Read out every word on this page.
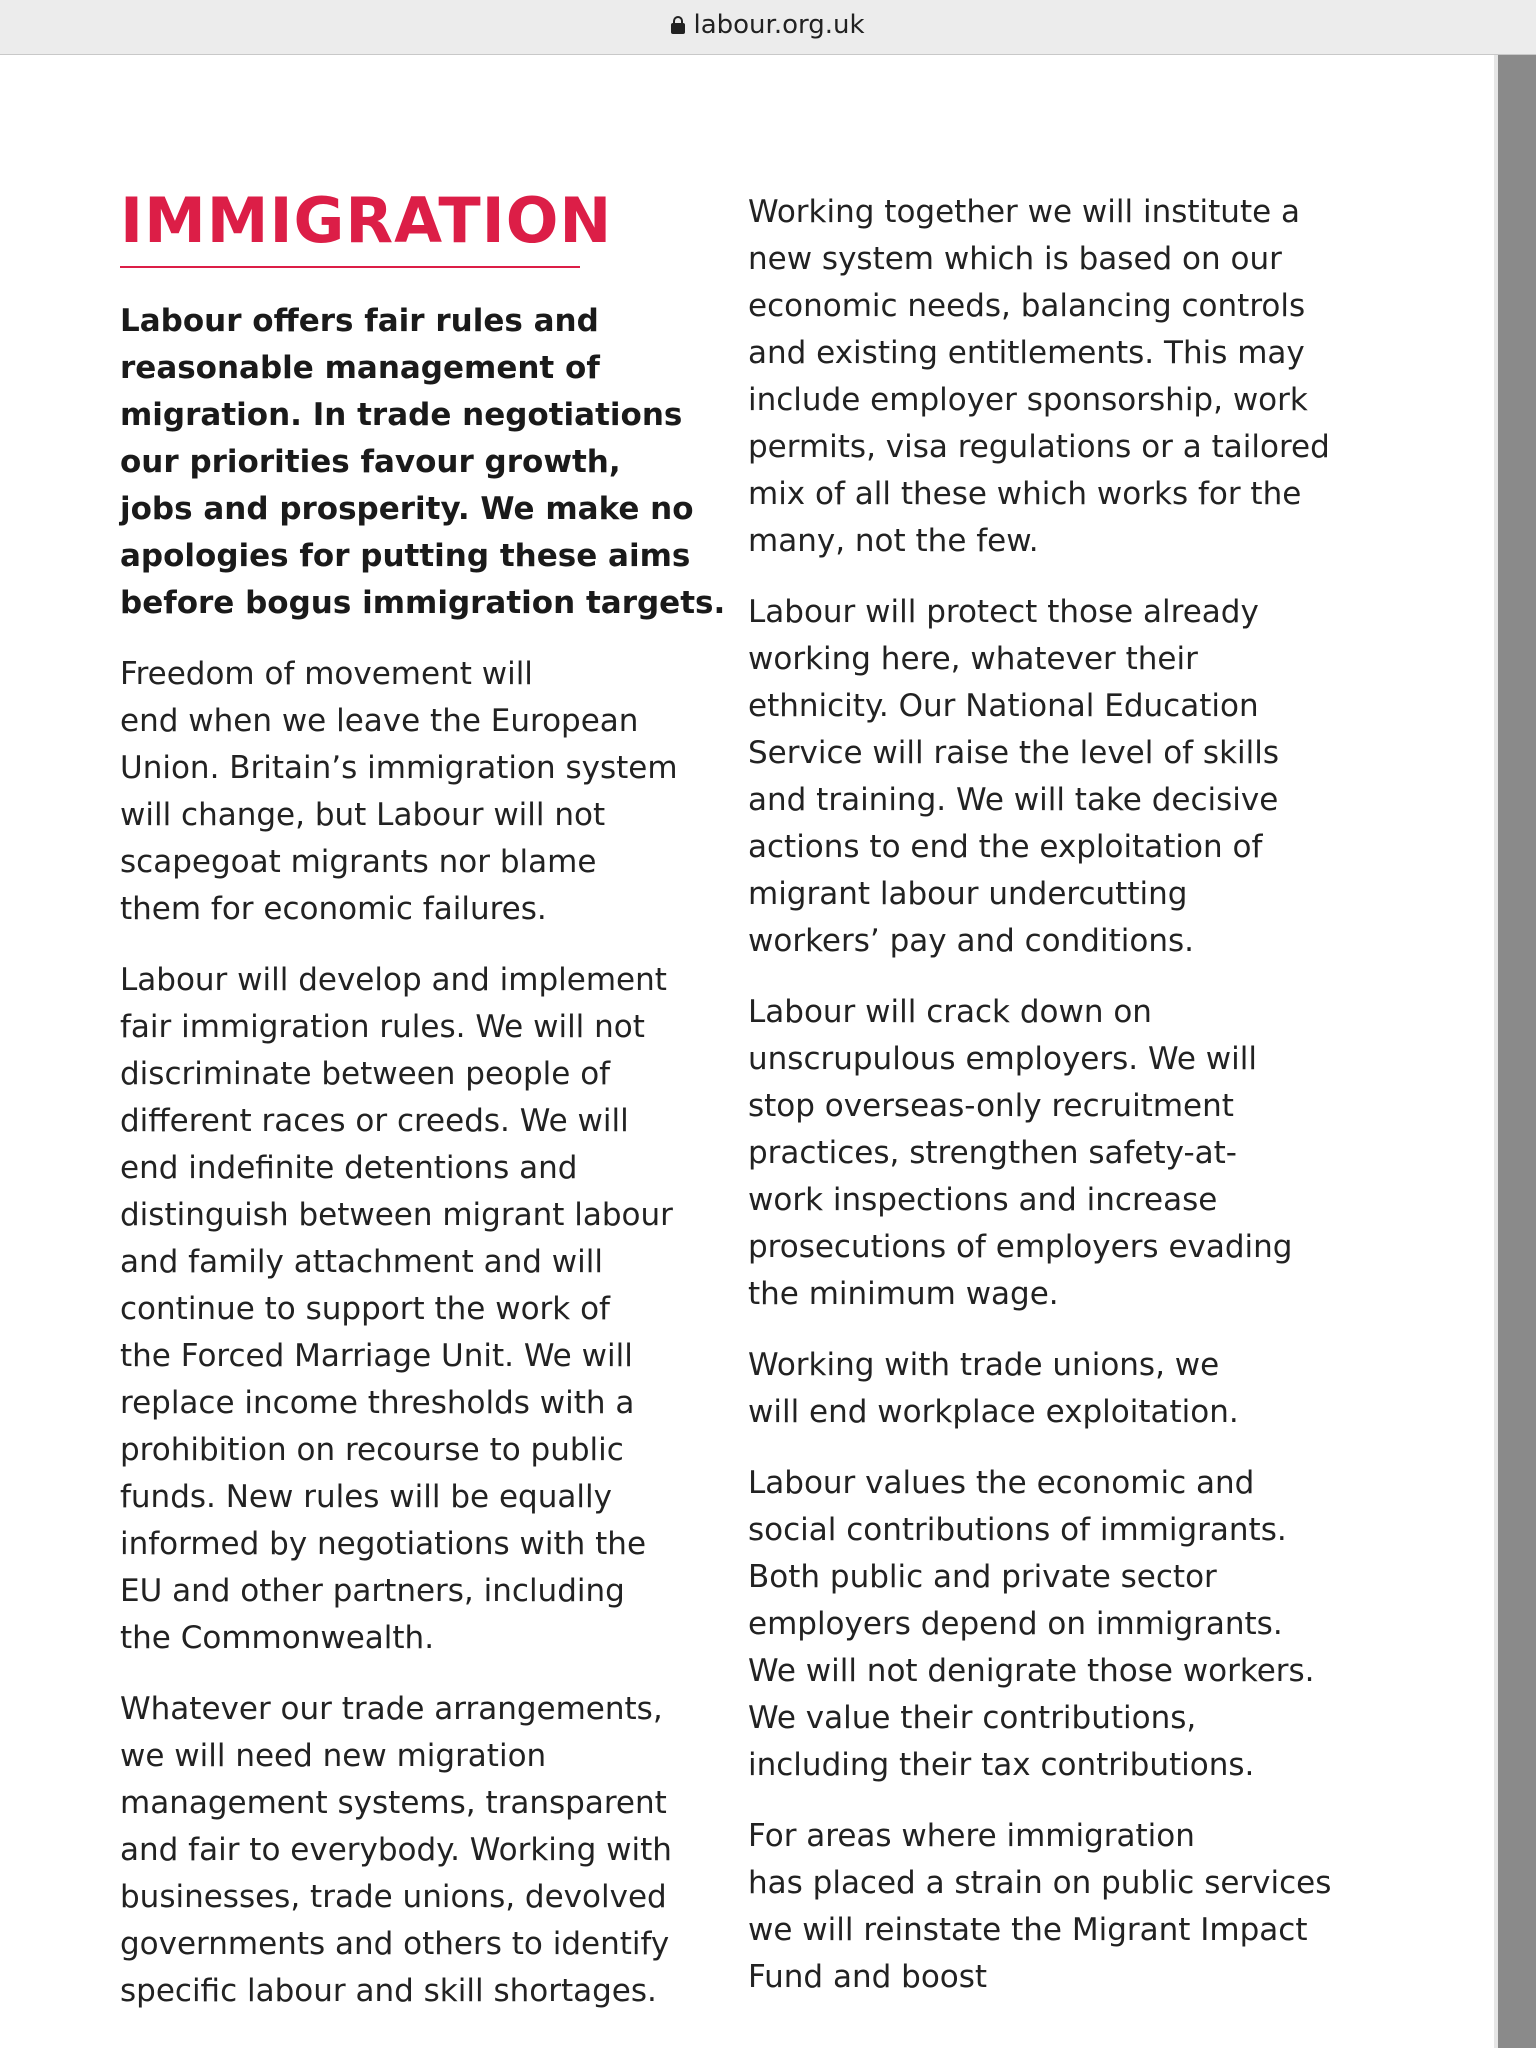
labour.org.uk
IMMIGRATION

Labour offers fair rules and
reasonable management of
migration. In trade negotiations
our priorities favour growth,
jobs and prosperity. We make no
apologies for putting these aims
before bogus immigration targets.

Freedom of movement will
end when we leave the European
Union. Britain’s immigration system
will change, but Labour will not
scapegoat migrants nor blame
them for economic failures.

Labour will develop and implement
fair immigration rules. We will not
discriminate between people of
different races or creeds. We will
end indefinite detentions and
distinguish between migrant labour
and family attachment and will
continue to support the work of
the Forced Marriage Unit. We will
replace income thresholds with a
prohibition on recourse to public
funds. New rules will be equally
informed by negotiations with the
EU and other partners, including
the Commonwealth.

Whatever our trade arrangements,
we will need new migration
management systems, transparent
and fair to everybody. Working with
businesses, trade unions, devolved
governments and others to identify
specific labour and skill shortages.

Working together we will institute a
new system which is based on our
economic needs, balancing controls
and existing entitlements. This may
include employer sponsorship, work
permits, visa regulations or a tailored
mix of all these which works for the
many, not the few.

Labour will protect those already
working here, whatever their
ethnicity. Our National Education
Service will raise the level of skills
and training. We will take decisive
actions to end the exploitation of
migrant labour undercutting
workers’ pay and conditions.

Labour will crack down on
unscrupulous employers. We will
stop overseas-only recruitment
practices, strengthen safety-at-
work inspections and increase
prosecutions of employers evading
the minimum wage.

Working with trade unions, we
will end workplace exploitation.

Labour values the economic and
social contributions of immigrants.
Both public and private sector
employers depend on immigrants.
We will not denigrate those workers.
We value their contributions,
including their tax contributions.

For areas where immigration
has placed a strain on public services
we will reinstate the Migrant Impact
Fund and boost
